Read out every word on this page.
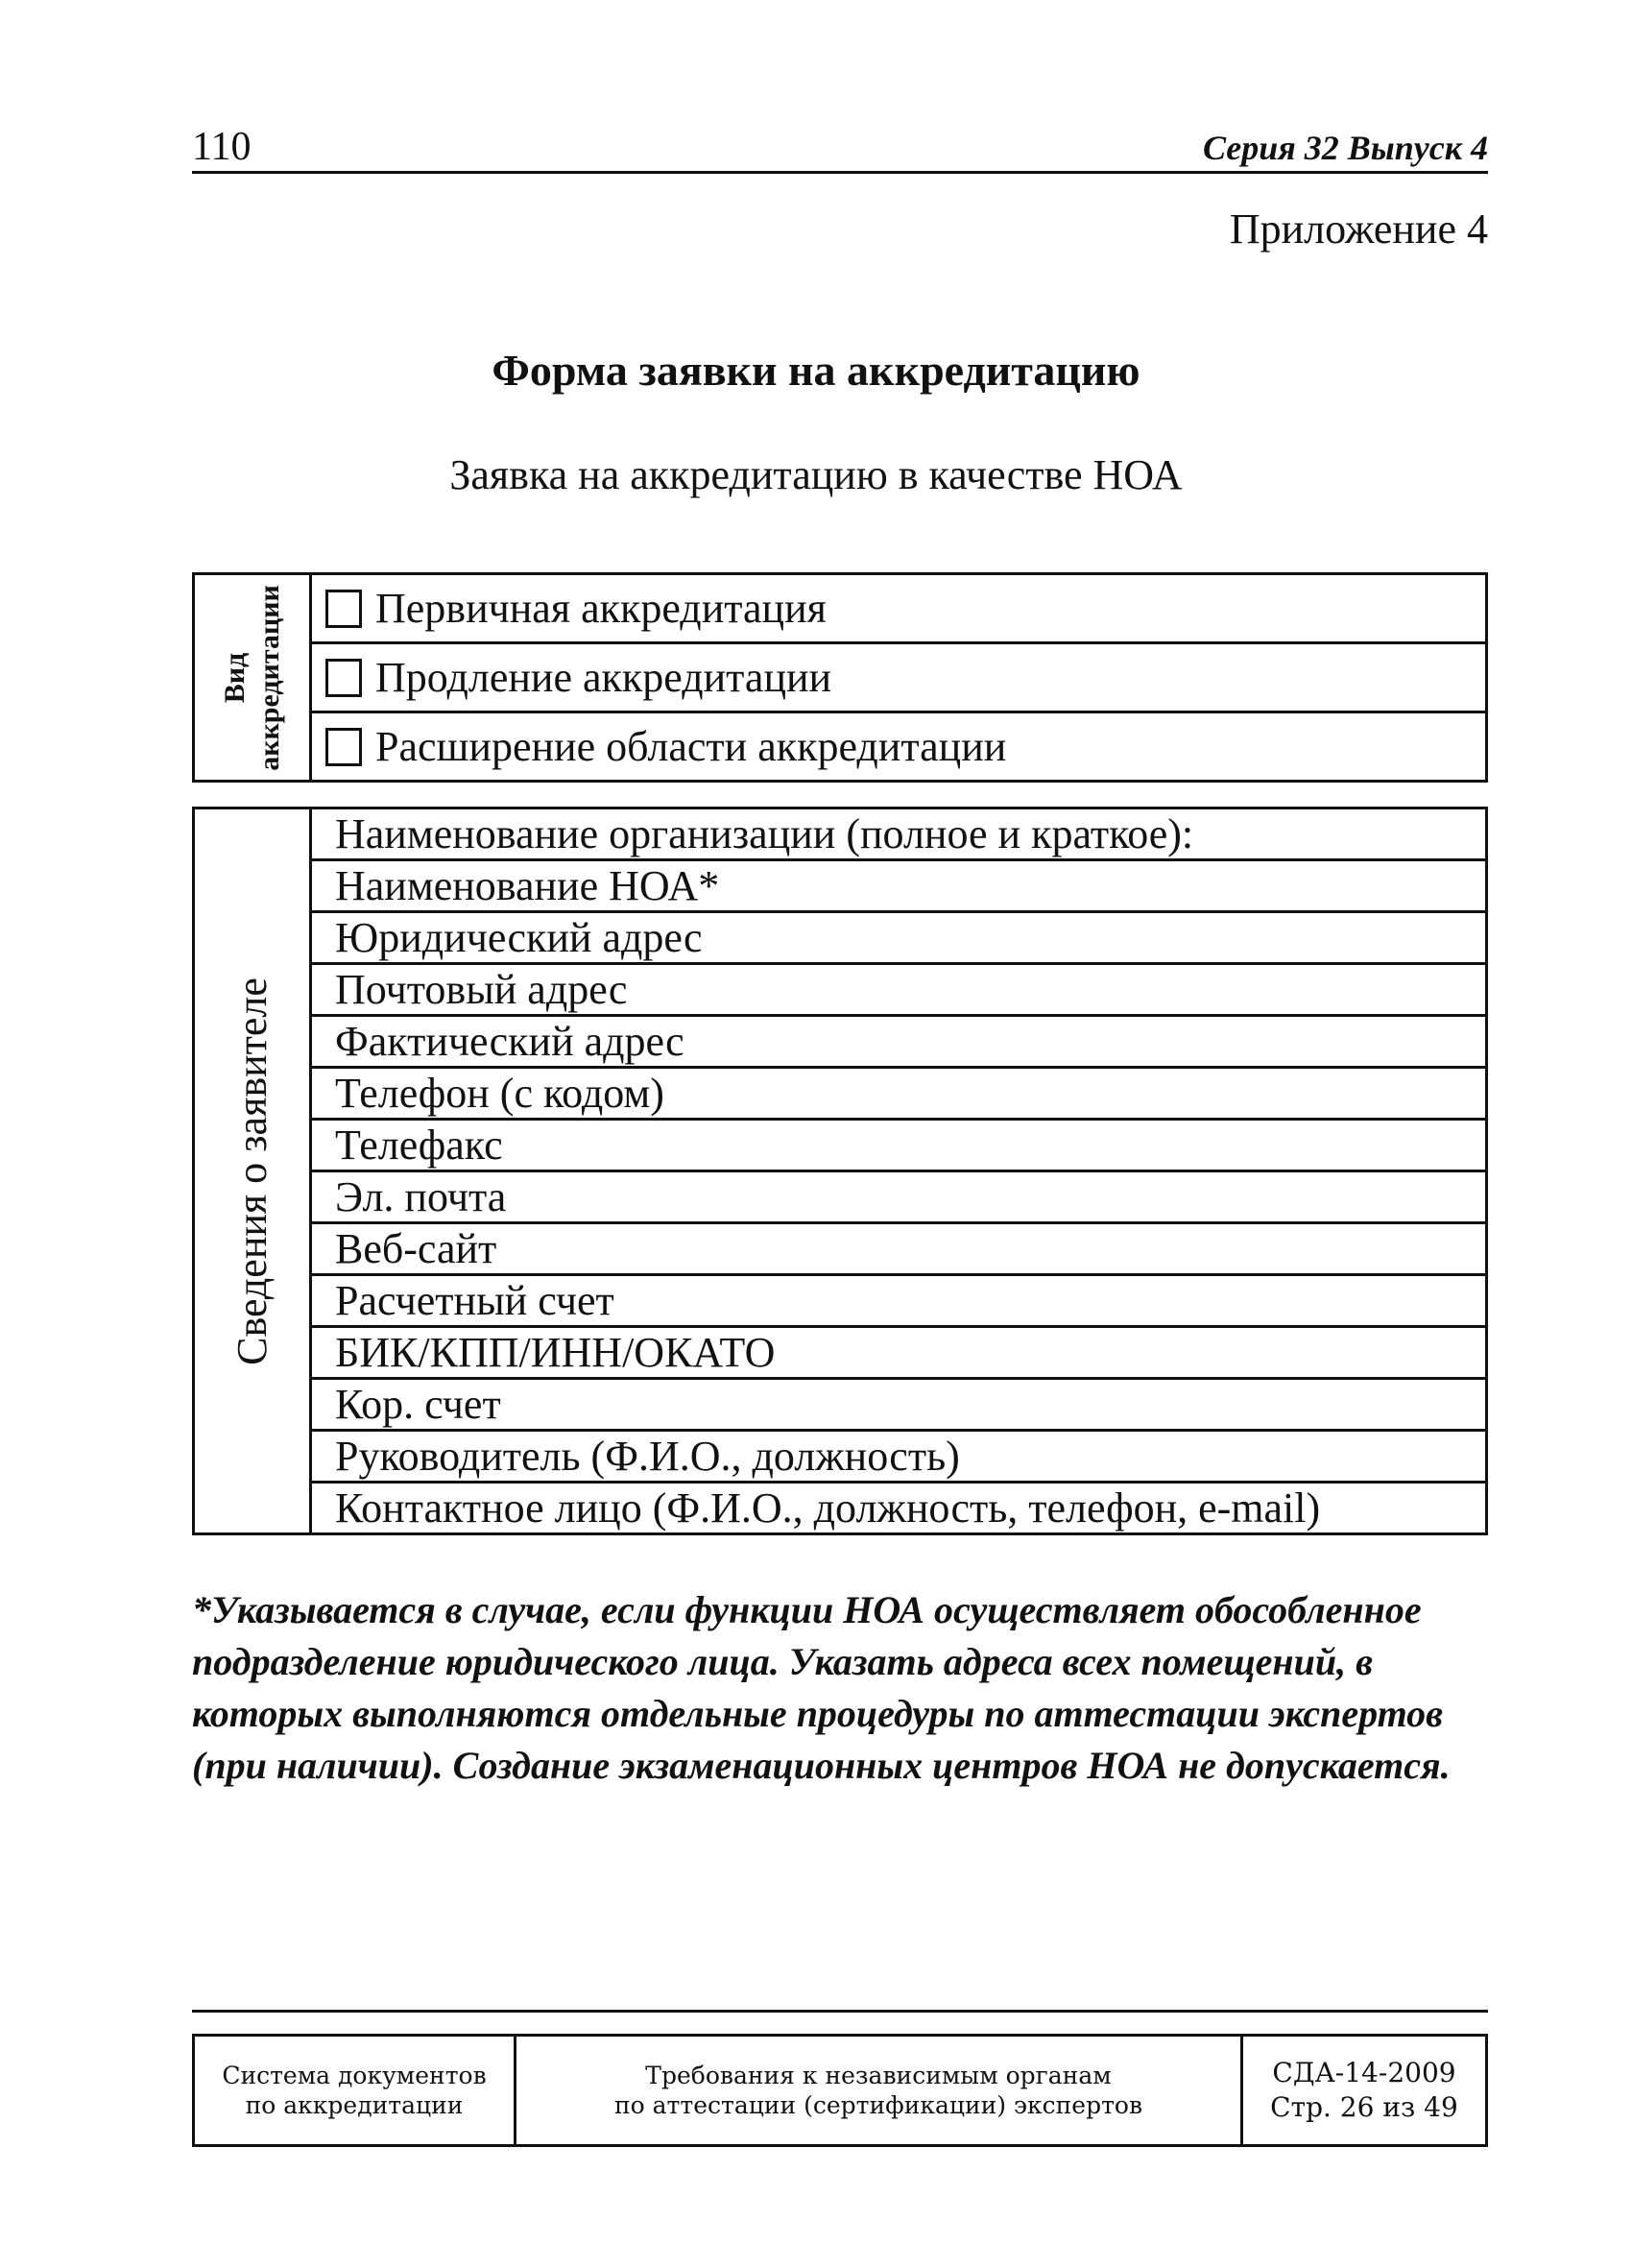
110	Серия 32 Выпуск 4
Приложение 4
Форма заявки на аккредитацию
Заявка на аккредитацию в качестве НОА
Вид аккредитации	Первичная аккредитация
Продление аккредитации
Расширение области аккредитации
Сведения о заявителе
	Наименование организации (полное и краткое):
Наименование НОА*
Юридический адрес
Почтовый адрес
Фактический адрес
Телефон (с кодом)
Телефакс
Эл. почта
Веб-сайт
Расчетный счет
БИК/КПП/ИНН/ОКАТО
Кор. счет
Руководитель (Ф.И.О., должность)
Контактное лицо (Ф.И.О., должность, телефон, e-mail)
*Указывается в случае, если функции НОА осуществляет обособленное подразделение юридического лица. Указать адреса всех помещений, в которых выполняются отдельные процедуры по аттестации экспертов (при наличии). Создание экзаменационных центров НОА не допускается.
Система документов
по аккредитации

Требования к независимым органам
по аттестации (сертификации) экспертов

СДА-14-2009
Стр. 26 из 49
